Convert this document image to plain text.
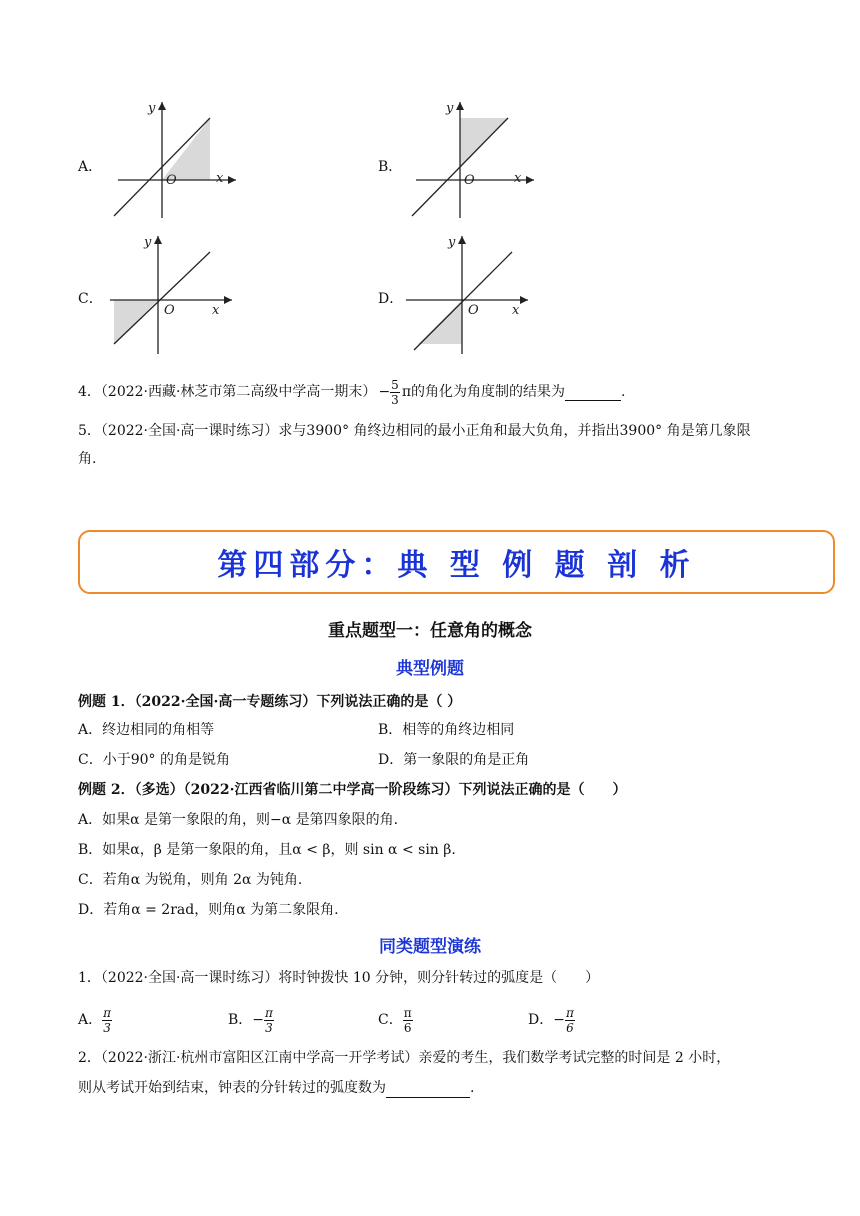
A．
y
x
O
B．
y
x
O
C．
y
x
O
D．
y
x
O
4．（2022·西藏·林芝市第二高级中学高一期末） − $\frac{5}{3}$ π 的角化为角度制的结果为	.
5．（2022·全国·高一课时练习）求与3900° 角终边相同的最小正角和最大负角，并指出3900° 角是第几象限
角.
第四部分：典 型 例 题 剖 析
重点题型一：任意角的概念
典型例题
例题 1．（2022·全国·高一专题练习）下列说法正确的是（ ）
A．终边相同的角相等	B．相等的角终边相同
C．小于90° 的角是锐角	D．第一象限的角是正角
例题 2．（多选）（2022·江西省临川第二中学高一阶段练习）下列说法正确的是（　　）
A．如果α 是第一象限的角，则−α 是第四象限的角.
B．如果α，β 是第一象限的角，且α < β，则 sin α < sin β.
C．若角α 为锐角，则角 2α 为钝角.
D．若角α = 2rad，则角α 为第二象限角.
同类题型演练
1．（2022·全国·高一课时练习）将时钟拨快 10 分钟，则分针转过的弧度是（　　）
A． $\frac{\pi}{3}$	B．− $\frac{\pi}{3}$	C． $\frac{\pi}{6}$	D．− $\frac{\pi}{6}$
2．（2022·浙江·杭州市富阳区江南中学高一开学考试）亲爱的考生，我们数学考试完整的时间是 2 小时，
则从考试开始到结束，钟表的分针转过的弧度数为	.
